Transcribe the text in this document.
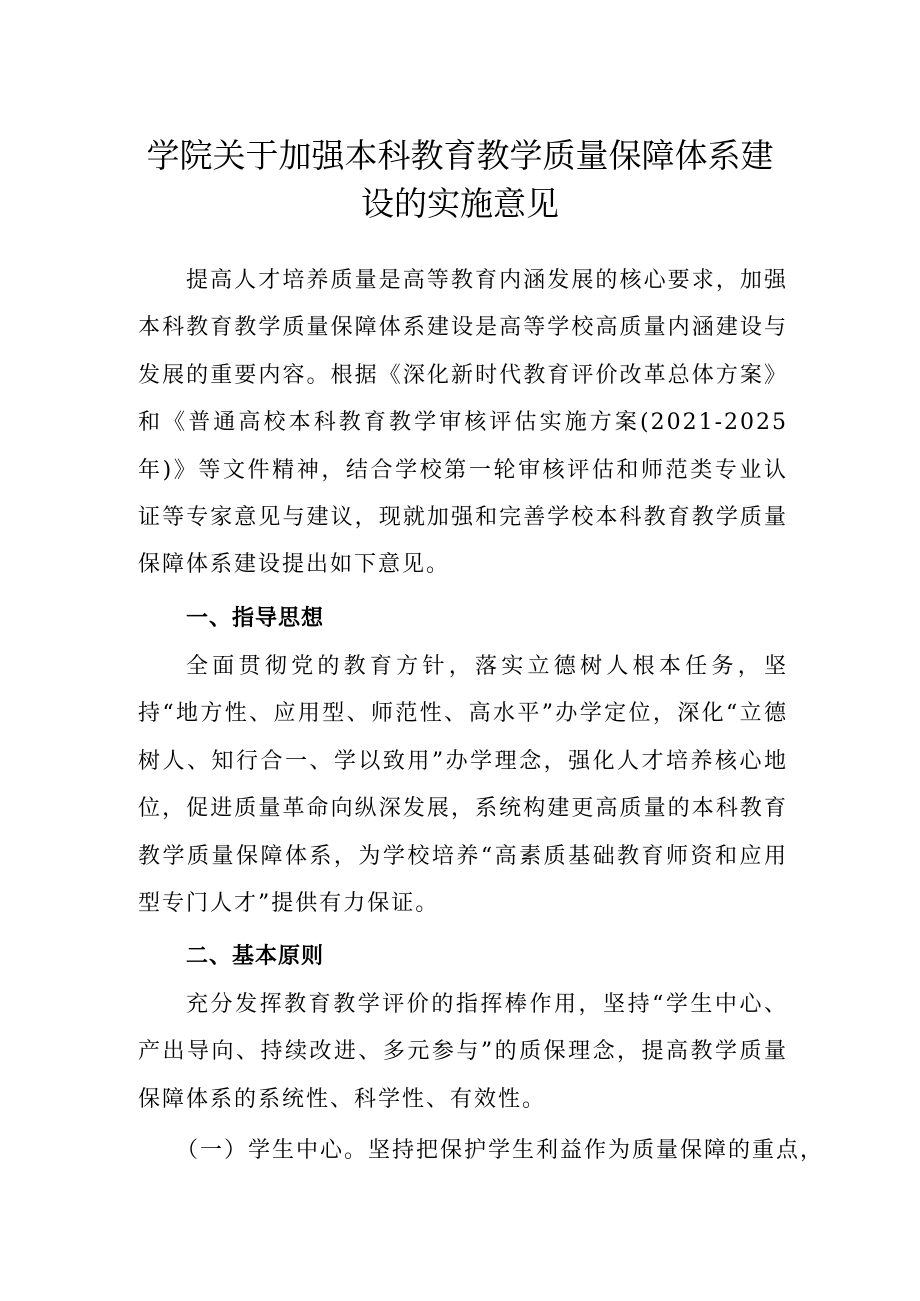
学院关于加强本科教育教学质量保障体系建
设的实施意见

提高人才培养质量是高等教育内涵发展的核心要求，加强本科教育教学质量保障体系建设是高等学校高质量内涵建设与发展的重要内容。根据《深化新时代教育评价改革总体方案》和《普通高校本科教育教学审核评估实施方案(2021-2025年)》等文件精神，结合学校第一轮审核评估和师范类专业认证等专家意见与建议，现就加强和完善学校本科教育教学质量保障体系建设提出如下意见。

一、指导思想

全面贯彻党的教育方针，落实立德树人根本任务，坚持“地方性、应用型、师范性、高水平”办学定位，深化“立德树人、知行合一、学以致用”办学理念，强化人才培养核心地位，促进质量革命向纵深发展，系统构建更高质量的本科教育教学质量保障体系，为学校培养“高素质基础教育师资和应用型专门人才”提供有力保证。

二、基本原则

充分发挥教育教学评价的指挥棒作用，坚持“学生中心、产出导向、持续改进、多元参与”的质保理念，提高教学质量保障体系的系统性、科学性、有效性。

（一）学生中心。坚持把保护学生利益作为质量保障的重点，
